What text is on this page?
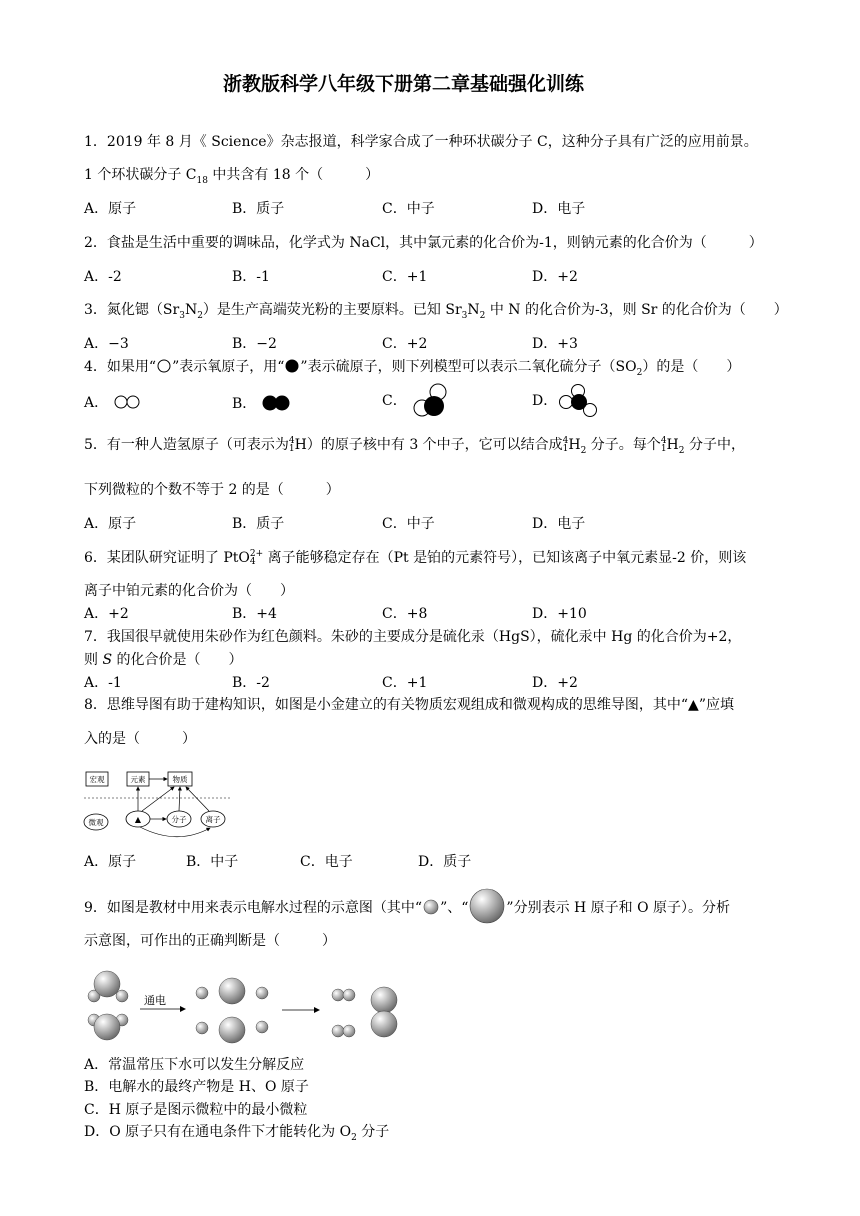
浙教版科学八年级下册第二章基础强化训练
1．2019 年 8 月《 Science》杂志报道，科学家合成了一种环状碳分子 C，这种分子具有广泛的应用前景。
1 个环状碳分子 $C_{18}$ 中共含有 18 个（　　　）
A．原子	B．质子	C．中子	D．电子
2．食盐是生活中重要的调味品，化学式为 NaCl，其中氯元素的化合价为-1，则钠元素的化合价为（　　　）
A．-2	B．-1	C．+1	D．+2
3．氮化锶$(Sr_3N_2)$是生产高端荧光粉的主要原料。已知 $Sr_3N_2$ 中 N 的化合价为-3，则 Sr 的化合价为（　　）
A．−3	B．−2	C．+2	D．+3
4．如果用“ ”表示氧原子，用“ ”表示硫原子，则下列模型可以表示二氧化硫分子$(SO_2)$的是（　　）
A．	B．	C．	D．
5．有一种人造氢原子（可表示为4
1H）的原子核中有 3 个中子，它可以结合成4
$1H_2$ 分子。每个4
$1H_2$ 分子中，
下列微粒的个数不等于 2 的是（　　　）
A．原子	B．质子	C．中子	D．电子
6．某团队研究证明了 PtO2+
4 离子能够稳定存在（Pt 是铂的元素符号），已知该离子中氧元素显-2 价，则该
离子中铂元素的化合价为（　　）
A．+2	B．+4	C．+8	D．+10
7．我国很早就使用朱砂作为红色颜料。朱砂的主要成分是硫化汞（HgS），硫化汞中 Hg 的化合价为+2，
则 S 的化合价是（　　）
A．-1	B．-2	C．+1	D．+2
8．思维导图有助于建构知识，如图是小金建立的有关物质宏观组成和微观构成的思维导图，其中“▲”应填
入的是（　　　）
宏观	元素	物质
微观	▲	分子	离子
A．原子	B．中子	C．电子	D．质子
9．如图是教材中用来表示电解水过程的示意图（其中“ ”、“	”分别表示 H 原子和 O 原子）。分析
示意图，可作出的正确判断是（　　　）
通电
A．常温常压下水可以发生分解反应
B．电解水的最终产物是 H、O 原子
C．H 原子是图示微粒中的最小微粒
D．O 原子只有在通电条件下才能转化为 $O_2$ 分子
